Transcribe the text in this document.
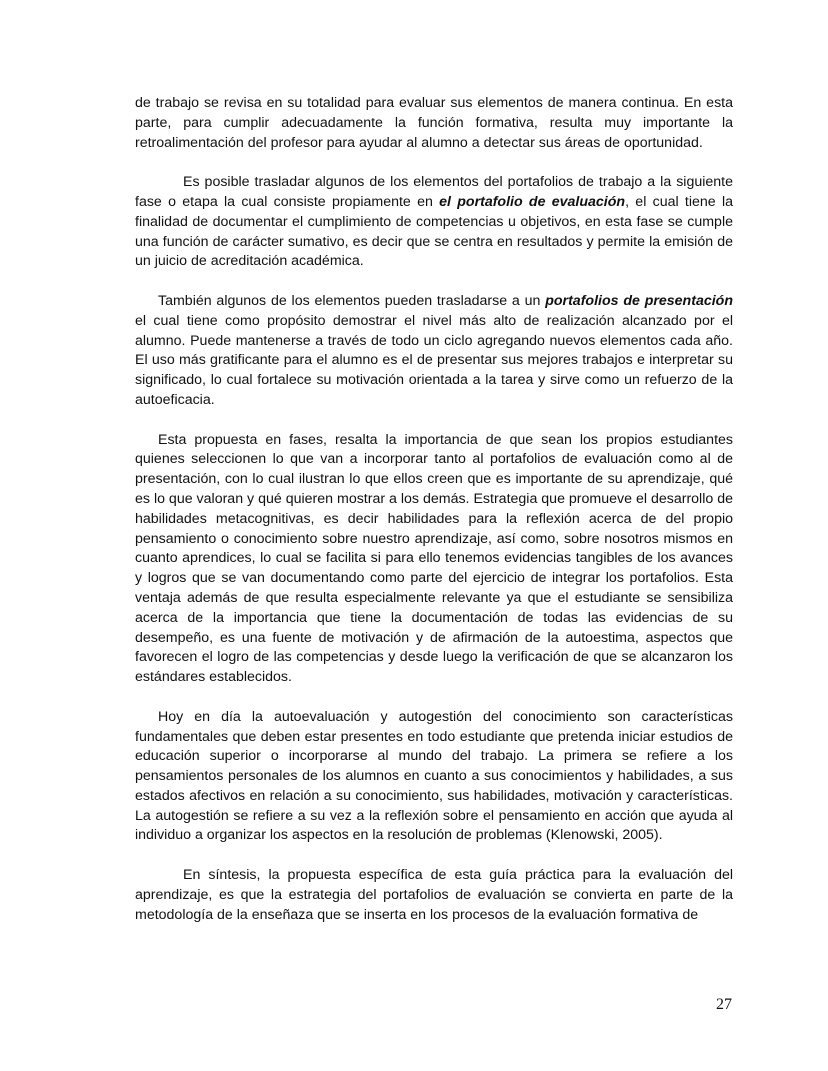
de trabajo se revisa en su totalidad para evaluar sus elementos de manera continua. En esta parte, para cumplir adecuadamente la función formativa, resulta muy importante la retroalimentación del profesor para ayudar al alumno a detectar sus áreas de oportunidad.

Es posible trasladar algunos de los elementos del portafolios de trabajo a la siguiente fase o etapa la cual consiste propiamente en el portafolio de evaluación, el cual tiene la finalidad de documentar el cumplimiento de competencias u objetivos, en esta fase se cumple una función de carácter sumativo, es decir que se centra en resultados y permite la emisión de un juicio de acreditación académica.

También algunos de los elementos pueden trasladarse a un portafolios de presentación el cual tiene como propósito demostrar el nivel más alto de realización alcanzado por el alumno. Puede mantenerse a través de todo un ciclo agregando nuevos elementos cada año. El uso más gratificante para el alumno es el de presentar sus mejores trabajos e interpretar su significado, lo cual fortalece su motivación orientada a la tarea y sirve como un refuerzo de la autoeficacia.

Esta propuesta en fases, resalta la importancia de que sean los propios estudiantes quienes seleccionen lo que van a incorporar tanto al portafolios de evaluación como al de presentación, con lo cual ilustran lo que ellos creen que es importante de su aprendizaje, qué es lo que valoran y qué quieren mostrar a los demás. Estrategia que promueve el desarrollo de habilidades metacognitivas, es decir habilidades para la reflexión acerca de del propio pensamiento o conocimiento sobre nuestro aprendizaje, así como, sobre nosotros mismos en cuanto aprendices, lo cual se facilita si para ello tenemos evidencias tangibles de los avances y logros que se van documentando como parte del ejercicio de integrar los portafolios. Esta ventaja además de que resulta especialmente relevante ya que el estudiante se sensibiliza acerca de la importancia que tiene la documentación de todas las evidencias de su desempeño, es una fuente de motivación y de afirmación de la autoestima, aspectos que favorecen el logro de las competencias y desde luego la verificación de que se alcanzaron los estándares establecidos.

Hoy en día la autoevaluación y autogestión del conocimiento son características fundamentales que deben estar presentes en todo estudiante que pretenda iniciar estudios de educación superior o incorporarse al mundo del trabajo. La primera se refiere a los pensamientos personales de los alumnos en cuanto a sus conocimientos y habilidades, a sus estados afectivos en relación a su conocimiento, sus habilidades, motivación y características. La autogestión se refiere a su vez a la reflexión sobre el pensamiento en acción que ayuda al individuo a organizar los aspectos en la resolución de problemas (Klenowski, 2005).

En síntesis, la propuesta específica de esta guía práctica para la evaluación del aprendizaje, es que la estrategia del portafolios de evaluación se convierta en parte de la metodología de la enseñaza que se inserta en los procesos de la evaluación formativa de

27
